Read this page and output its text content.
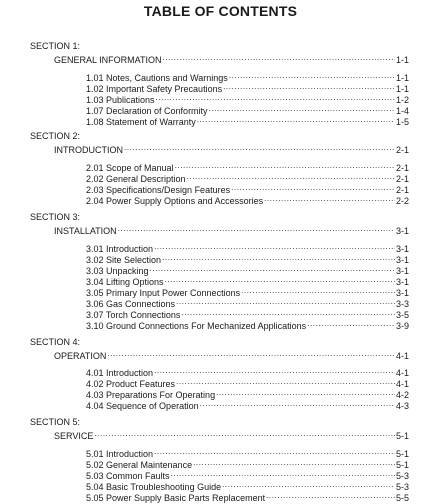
TABLE OF CONTENTS
SECTION 1:
GENERAL INFORMATION .....	1-1
1.01 Notes, Cautions and Warnings .....	1-1
1.02 Important Safety Precautions .....	1-1
1.03 Publications .....	1-2
1.07 Declaration of Conformity .....	1-4
1.08 Statement of Warranty .....	1-5
SECTION 2:
INTRODUCTION .....	2-1
2.01 Scope of Manual .....	2-1
2.02 General Description .....	2-1
2.03 Specifications/Design Features .....	2-1
2.04 Power Supply Options and Accessories .....	2-2
SECTION 3:
INSTALLATION .....	3-1
3.01 Introduction .....	3-1
3.02 Site Selection .....	3-1
3.03 Unpacking .....	3-1
3.04 Lifting Options .....	3-1
3.05 Primary Input Power Connections .....	3-1
3.06 Gas Connections .....	3-3
3.07 Torch Connections .....	3-5
3.10 Ground Connections For Mechanized Applications .....	3-9
SECTION 4:
OPERATION .....	4-1
4.01 Introduction .....	4-1
4.02 Product Features .....	4-1
4.03 Preparations For Operating .....	4-2
4.04 Sequence of Operation .....	4-3
SECTION 5:
SERVICE .....	5-1
5.01 Introduction .....	5-1
5.02 General Maintenance .....	5-1
5.03 Common Faults .....	5-3
5.04 Basic Troubleshooting Guide .....	5-3
5.05 Power Supply Basic Parts Replacement .....	5-5
